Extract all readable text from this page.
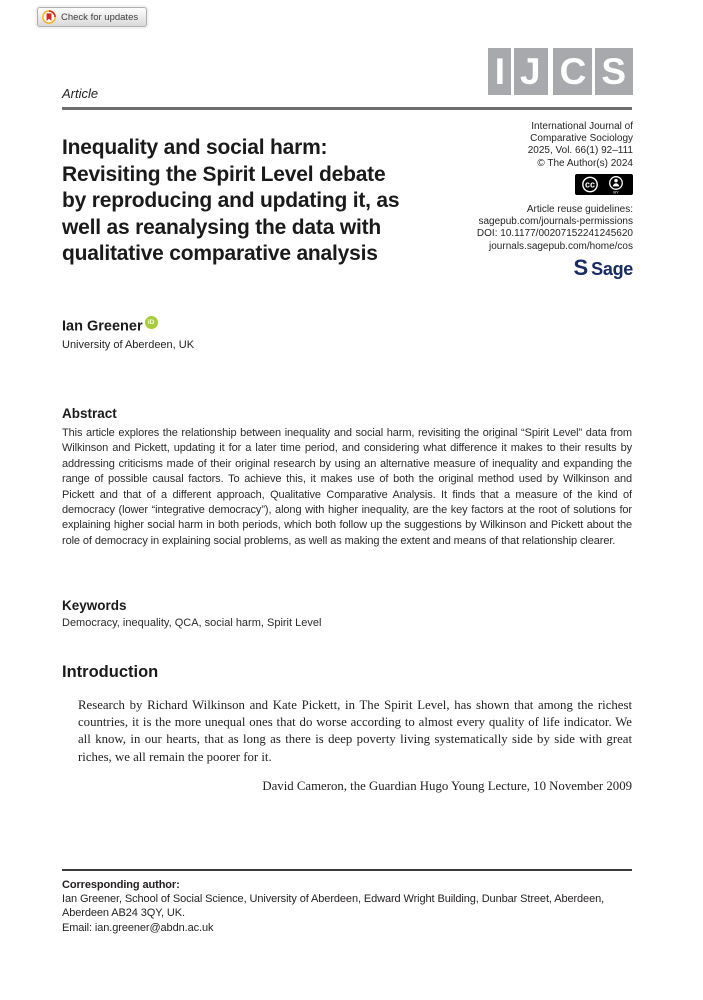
Check for updates
I J C S
Article
International Journal of
Comparative Sociology
2025, Vol. 66(1) 92–111
© The Author(s) 2024
cc
BY
Article reuse guidelines:
sagepub.com/journals-permissions
DOI: 10.1177/00207152241245620
journals.sagepub.com/home/cos
S Sage
Inequality and social harm:
Revisiting the Spirit Level debate
by reproducing and updating it, as
well as reanalysing the data with
qualitative comparative analysis
Ian Greener iD
University of Aberdeen, UK
Abstract
This article explores the relationship between inequality and social harm, revisiting the original “Spirit Level” data from Wilkinson and Pickett, updating it for a later time period, and considering what difference it makes to their results by addressing criticisms made of their original research by using an alternative measure of inequality and expanding the range of possible causal factors. To achieve this, it makes use of both the original method used by Wilkinson and Pickett and that of a different approach, Qualitative Comparative Analysis. It finds that a measure of the kind of democracy (lower “integrative democracy”), along with higher inequality, are the key factors at the root of solutions for explaining higher social harm in both periods, which both follow up the suggestions by Wilkinson and Pickett about the role of democracy in explaining social problems, as well as making the extent and means of that relationship clearer.
Keywords
Democracy, inequality, QCA, social harm, Spirit Level
Introduction
Research by Richard Wilkinson and Kate Pickett, in The Spirit Level, has shown that among the richest countries, it is the more unequal ones that do worse according to almost every quality of life indicator. We all know, in our hearts, that as long as there is deep poverty living systematically side by side with great riches, we all remain the poorer for it.
David Cameron, the Guardian Hugo Young Lecture, 10 November 2009
Corresponding author:
Ian Greener, School of Social Science, University of Aberdeen, Edward Wright Building, Dunbar Street, Aberdeen,
Aberdeen AB24 3QY, UK.
Email: ian.greener@abdn.ac.uk
